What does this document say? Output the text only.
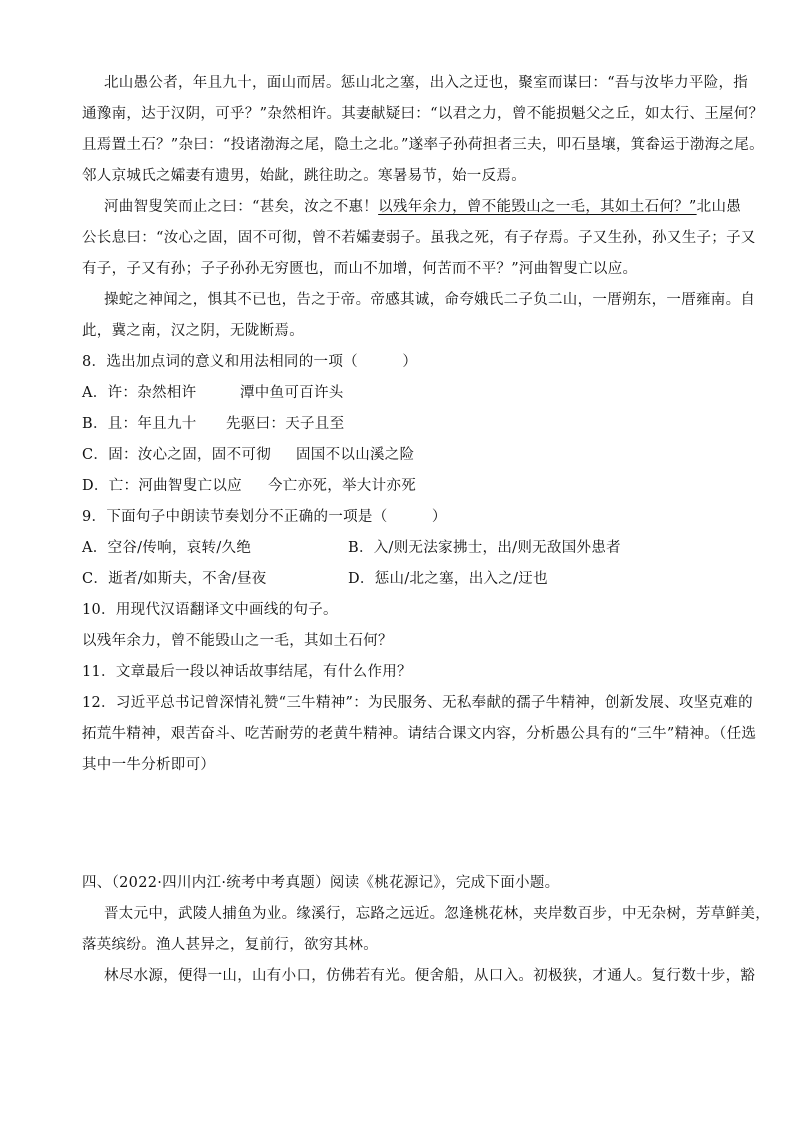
北山愚公者，年且九十，面山而居。惩山北之塞，出入之迂也，聚室而谋曰：“吾与汝毕力平险，指
通豫南，达于汉阴，可乎？”杂然相许。其妻献疑曰：“以君之力，曾不能损魁父之丘，如太行、王屋何？
且焉置土石？”杂曰：“投诸渤海之尾，隐土之北。”遂率子孙荷担者三夫，叩石垦壤，箕畚运于渤海之尾。
邻人京城氏之孀妻有遗男，始龀，跳往助之。寒暑易节，始一反焉。
河曲智叟笑而止之曰：“甚矣，汝之不惠！以残年余力，曾不能毁山之一毛，其如土石何？”北山愚
公长息曰：“汝心之固，固不可彻，曾不若孀妻弱子。虽我之死，有子存焉。子又生孙，孙又生子；子又
有子，子又有孙；子子孙孙无穷匮也，而山不加增，何苦而不平？”河曲智叟亡以应。
操蛇之神闻之，惧其不已也，告之于帝。帝感其诚，命夸娥氏二子负二山，一厝朔东，一厝雍南。自
此，冀之南，汉之阴，无陇断焉。
8．选出加点词的意义和用法相同的一项（　　　）
A．许：杂然相许	潭中鱼可百许头
B．且：年且九十 先驱曰：天子且至
C．固：汝心之固，固不可彻 固国不以山溪之险
D．亡：河曲智叟亡以应 今亡亦死，举大计亦死
9．下面句子中朗读节奏划分不正确的一项是（　　　）
A．空谷/传响，哀转/久绝	B．入/则无法家拂士，出/则无敌国外患者
C．逝者/如斯夫，不舍/昼夜	D．惩山/北之塞，出入之/迂也
10．用现代汉语翻译文中画线的句子。
以残年余力，曾不能毁山之一毛，其如土石何？
11．文章最后一段以神话故事结尾，有什么作用？
12．习近平总书记曾深情礼赞“三牛精神”：为民服务、无私奉献的孺子牛精神，创新发展、攻坚克难的
拓荒牛精神，艰苦奋斗、吃苦耐劳的老黄牛精神。请结合课文内容，分析愚公具有的“三牛”精神。（任选
其中一牛分析即可）
四、（2022·四川内江·统考中考真题）阅读《桃花源记》，完成下面小题。
晋太元中，武陵人捕鱼为业。缘溪行，忘路之远近。忽逢桃花林，夹岸数百步，中无杂树，芳草鲜美，
落英缤纷。渔人甚异之，复前行，欲穷其林。
林尽水源，便得一山，山有小口，仿佛若有光。便舍船，从口入。初极狭，才通人。复行数十步，豁
